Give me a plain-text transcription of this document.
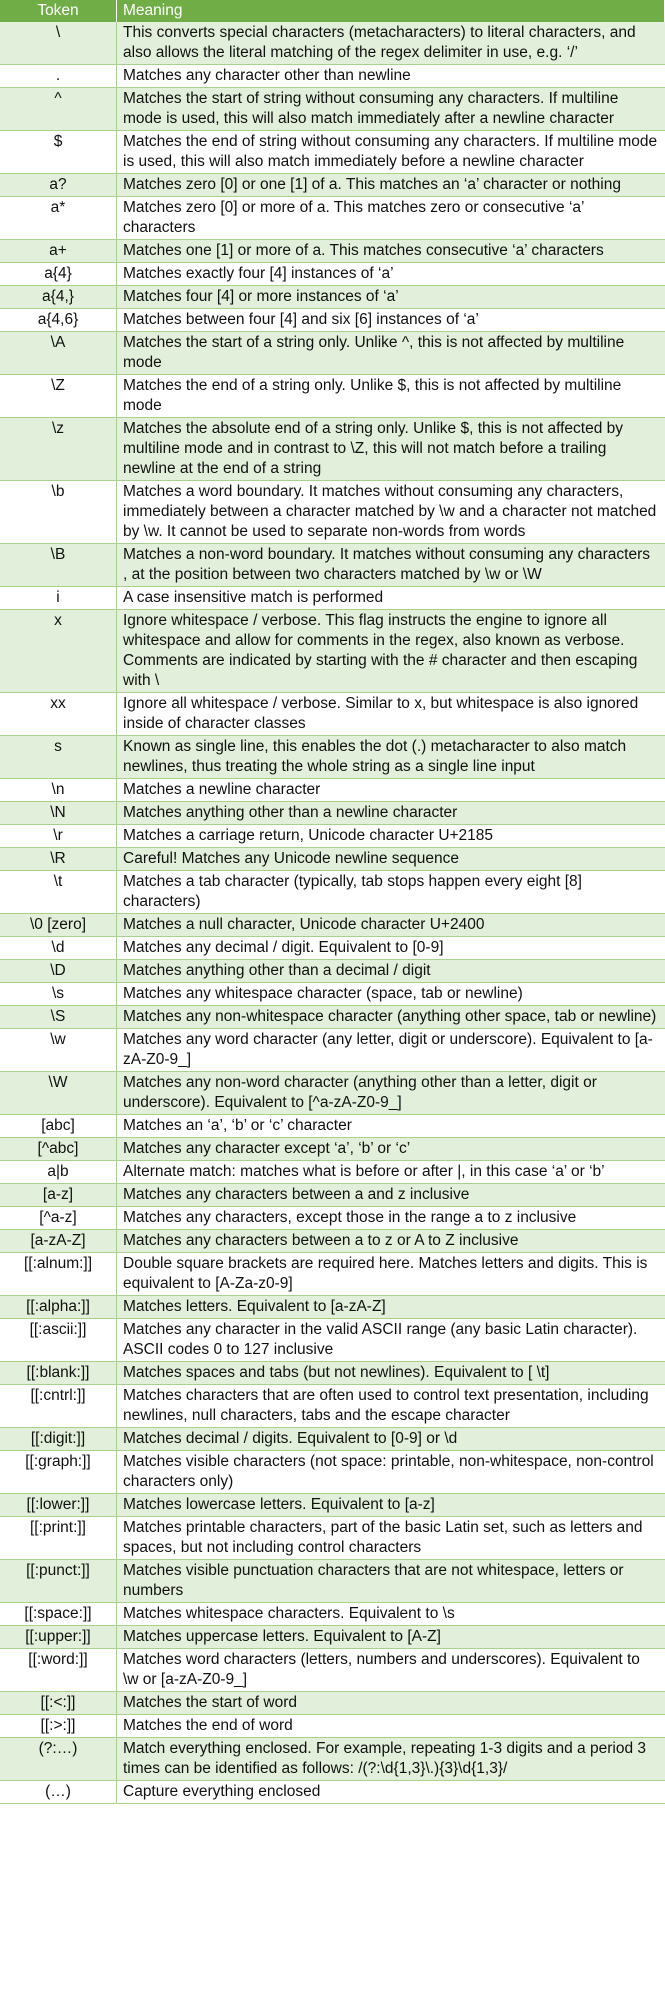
Token	Meaning
\	This converts special characters (metacharacters) to literal characters, and also allows the literal matching of the regex delimiter in use, e.g. ‘/’
.	Matches any character other than newline
^	Matches the start of string without consuming any characters. If multiline mode is used, this will also match immediately after a newline character
$	Matches the end of string without consuming any characters. If multiline mode is used, this will also match immediately before a newline character
a?	Matches zero [0] or one [1] of a. This matches an ‘a’ character or nothing
a*	Matches zero [0] or more of a. This matches zero or consecutive ‘a’ characters
a+	Matches one [1] or more of a. This matches consecutive ‘a’ characters
a{4}	Matches exactly four [4] instances of ‘a’
a{4,}	Matches four [4] or more instances of ‘a’
a{4,6}	Matches between four [4] and six [6] instances of ‘a’
\A	Matches the start of a string only. Unlike ^, this is not affected by multiline mode
\Z	Matches the end of a string only. Unlike $, this is not affected by multiline mode
\z	Matches the absolute end of a string only. Unlike $, this is not affected by multiline mode and in contrast to \Z, this will not match before a trailing newline at the end of a string
\b	Matches a word boundary. It matches without consuming any characters, immediately between a character matched by \w and a character not matched by \w. It cannot be used to separate non-words from words
\B	Matches a non-word boundary. It matches without consuming any characters , at the position between two characters matched by \w or \W
i	A case insensitive match is performed
x	Ignore whitespace / verbose. This flag instructs the engine to ignore all whitespace and allow for comments in the regex, also known as verbose. Comments are indicated by starting with the # character and then escaping with \
xx	Ignore all whitespace / verbose. Similar to x, but whitespace is also ignored inside of character classes
s	Known as single line, this enables the dot (.) metacharacter to also match newlines, thus treating the whole string as a single line input
\n	Matches a newline character
\N	Matches anything other than a newline character
\r	Matches a carriage return, Unicode character U+2185
\R	Careful! Matches any Unicode newline sequence
\t	Matches a tab character (typically, tab stops happen every eight [8] characters)
\0 [zero]	Matches a null character, Unicode character U+2400
\d	Matches any decimal / digit. Equivalent to [0-9]
\D	Matches anything other than a decimal / digit
\s	Matches any whitespace character (space, tab or newline)
\S	Matches any non-whitespace character (anything other space, tab or newline)
\w	Matches any word character (any letter, digit or underscore). Equivalent to [a-zA-Z0-9_]
\W	Matches any non-word character (anything other than a letter, digit or underscore). Equivalent to [^a-zA-Z0-9_]
[abc]	Matches an ‘a’, ‘b’ or ‘c’ character
[^abc]	Matches any character except ‘a’, ‘b’ or ‘c’
a|b	Alternate match: matches what is before or after |, in this case ‘a’ or ‘b’
[a-z]	Matches any characters between a and z inclusive
[^a-z]	Matches any characters, except those in the range a to z inclusive
[a-zA-Z]	Matches any characters between a to z or A to Z inclusive
[[:alnum:]]	Double square brackets are required here. Matches letters and digits. This is equivalent to [A-Za-z0-9]
[[:alpha:]]	Matches letters. Equivalent to [a-zA-Z]
[[:ascii:]]	Matches any character in the valid ASCII range (any basic Latin character). ASCII codes 0 to 127 inclusive
[[:blank:]]	Matches spaces and tabs (but not newlines). Equivalent to [ \t]
[[:cntrl:]]	Matches characters that are often used to control text presentation, including newlines, null characters, tabs and the escape character
[[:digit:]]	Matches decimal / digits. Equivalent to [0-9] or \d
[[:graph:]]	Matches visible characters (not space: printable, non-whitespace, non-control characters only)
[[:lower:]]	Matches lowercase letters. Equivalent to [a-z]
[[:print:]]	Matches printable characters, part of the basic Latin set, such as letters and spaces, but not including control characters
[[:punct:]]	Matches visible punctuation characters that are not whitespace, letters or numbers
[[:space:]]	Matches whitespace characters. Equivalent to \s
[[:upper:]]	Matches uppercase letters. Equivalent to [A-Z]
[[:word:]]	Matches word characters (letters, numbers and underscores). Equivalent to \w or [a-zA-Z0-9_]
[[:<:]]	Matches the start of word
[[:>:]]	Matches the end of word
(?:…)	Match everything enclosed. For example, repeating 1-3 digits and a period 3 times can be identified as follows: /(?:\d{1,3}\.){3}\d{1,3}/
(…)	Capture everything enclosed
